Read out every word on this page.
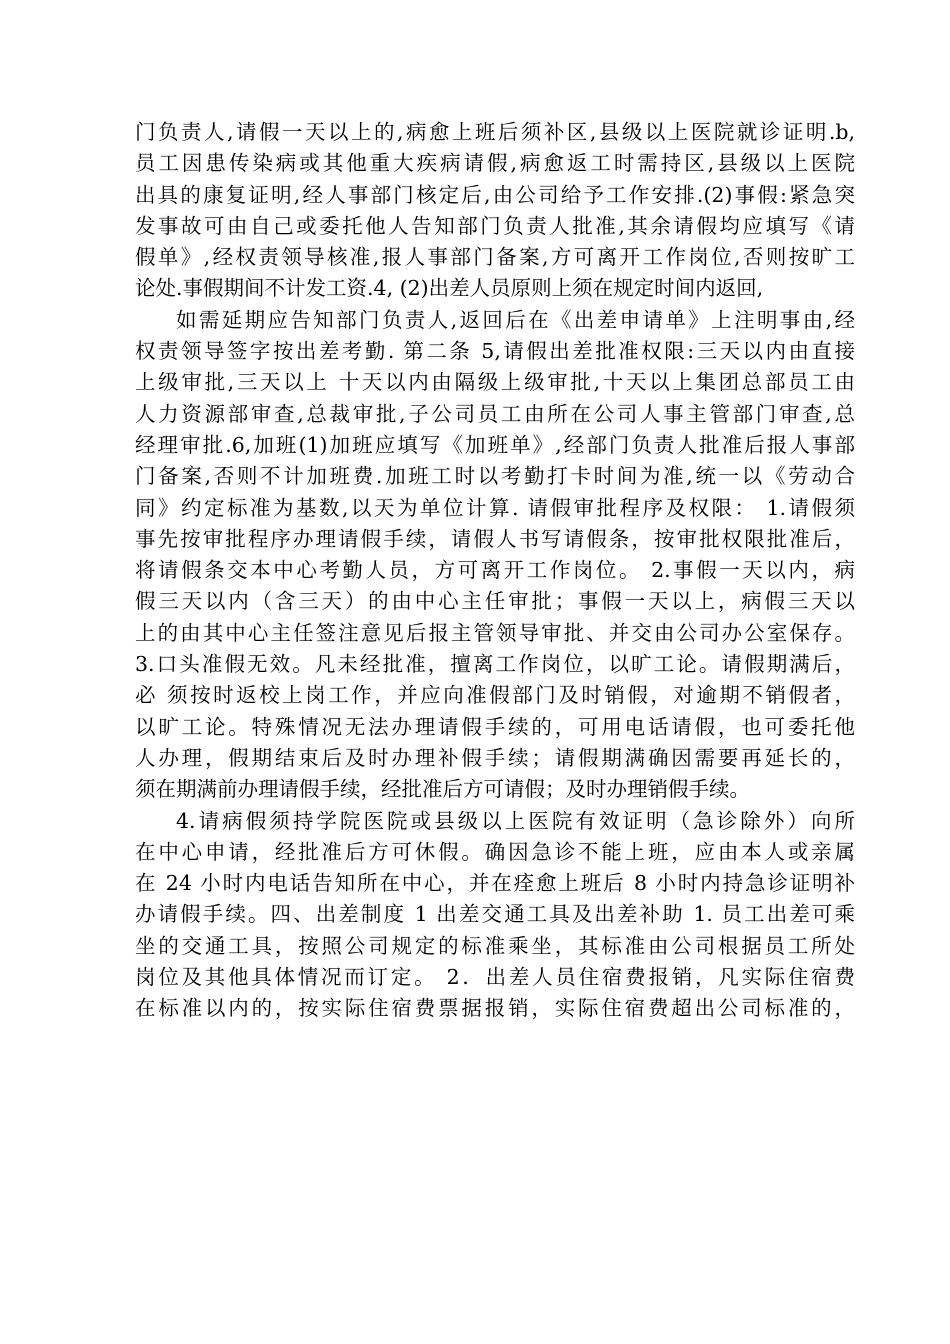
门负责人,请假一天以上的,病愈上班后须补区,县级以上医院就诊证明.b,
员工因患传染病或其他重大疾病请假,病愈返工时需持区,县级以上医院
出具的康复证明,经人事部门核定后,由公司给予工作安排.(2)事假:紧急突
发事故可由自己或委托他人告知部门负责人批准,其余请假均应填写《请
假单》,经权责领导核准,报人事部门备案,方可离开工作岗位,否则按旷工
论处.事假期间不计发工资.4, (2)出差人员原则上须在规定时间内返回,
如需延期应告知部门负责人,返回后在《出差申请单》上注明事由,经
权责领导签字按出差考勤. 第二条 5,请假出差批准权限:三天以内由直接
上级审批,三天以上 十天以内由隔级上级审批,十天以上集团总部员工由
人力资源部审查,总裁审批,子公司员工由所在公司人事主管部门审查,总
经理审批.6,加班(1)加班应填写《加班单》,经部门负责人批准后报人事部
门备案,否则不计加班费.加班工时以考勤打卡时间为准,统一以《劳动合
同》约定标准为基数,以天为单位计算. 请假审批程序及权限： 1.请假须
事先按审批程序办理请假手续，请假人书写请假条，按审批权限批准后，
将请假条交本中心考勤人员，方可离开工作岗位。 2.事假一天以内，病
假三天以内（含三天）的由中心主任审批；事假一天以上，病假三天以
上的由其中心主任签注意见后报主管领导审批、并交由公司办公室保存。
3.口头准假无效。凡未经批准，擅离工作岗位，以旷工论。请假期满后，
必 须按时返校上岗工作，并应向准假部门及时销假，对逾期不销假者，
以旷工论。特殊情况无法办理请假手续的，可用电话请假，也可委托他
人办理，假期结束后及时办理补假手续；请假期满确因需要再延长的，
须在期满前办理请假手续，经批准后方可请假；及时办理销假手续。
4.请病假须持学院医院或县级以上医院有效证明（急诊除外）向所
在中心申请，经批准后方可休假。确因急诊不能上班，应由本人或亲属
在 24 小时内电话告知所在中心，并在痊愈上班后 8 小时内持急诊证明补
办请假手续。四、出差制度 1 出差交通工具及出差补助 1. 员工出差可乘
坐的交通工具，按照公司规定的标准乘坐，其标准由公司根据员工所处
岗位及其他具体情况而订定。 2．出差人员住宿费报销，凡实际住宿费
在标准以内的，按实际住宿费票据报销，实际住宿费超出公司标准的，
